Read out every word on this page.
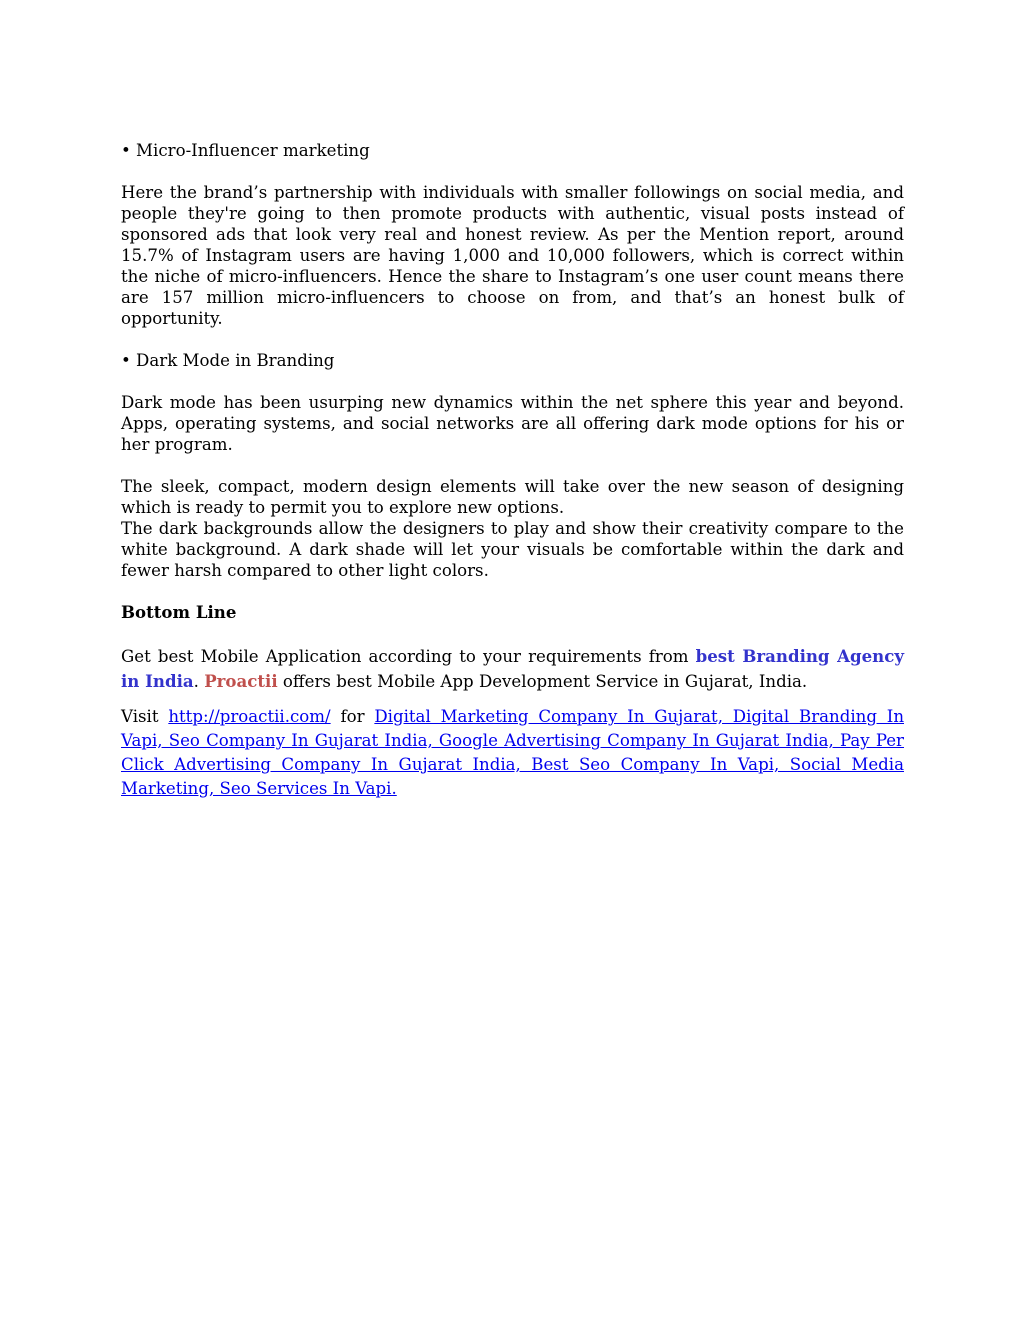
• Micro-Influencer marketing

Here the brand’s partnership with individuals with smaller followings on social media, and people they're going to then promote products with authentic, visual posts instead of sponsored ads that look very real and honest review. As per the Mention report, around 15.7% of Instagram users are having 1,000 and 10,000 followers, which is correct within the niche of micro-influencers. Hence the share to Instagram’s one user count means there are 157 million micro-influencers to choose on from, and that’s an honest bulk of opportunity.

• Dark Mode in Branding

Dark mode has been usurping new dynamics within the net sphere this year and beyond. Apps, operating systems, and social networks are all offering dark mode options for his or her program.

The sleek, compact, modern design elements will take over the new season of designing which is ready to permit you to explore new options.

The dark backgrounds allow the designers to play and show their creativity compare to the white background. A dark shade will let your visuals be comfortable within the dark and fewer harsh compared to other light colors.

Bottom Line

Get best Mobile Application according to your requirements from best Branding Agency in India. Proactii offers best Mobile App Development Service in Gujarat, India.

Visit http://proactii.com/ for Digital Marketing Company In Gujarat, Digital Branding In Vapi, Seo Company In Gujarat India, Google Advertising Company In Gujarat India, Pay Per Click Advertising Company In Gujarat India, Best Seo Company In Vapi, Social Media Marketing, Seo Services In Vapi.
